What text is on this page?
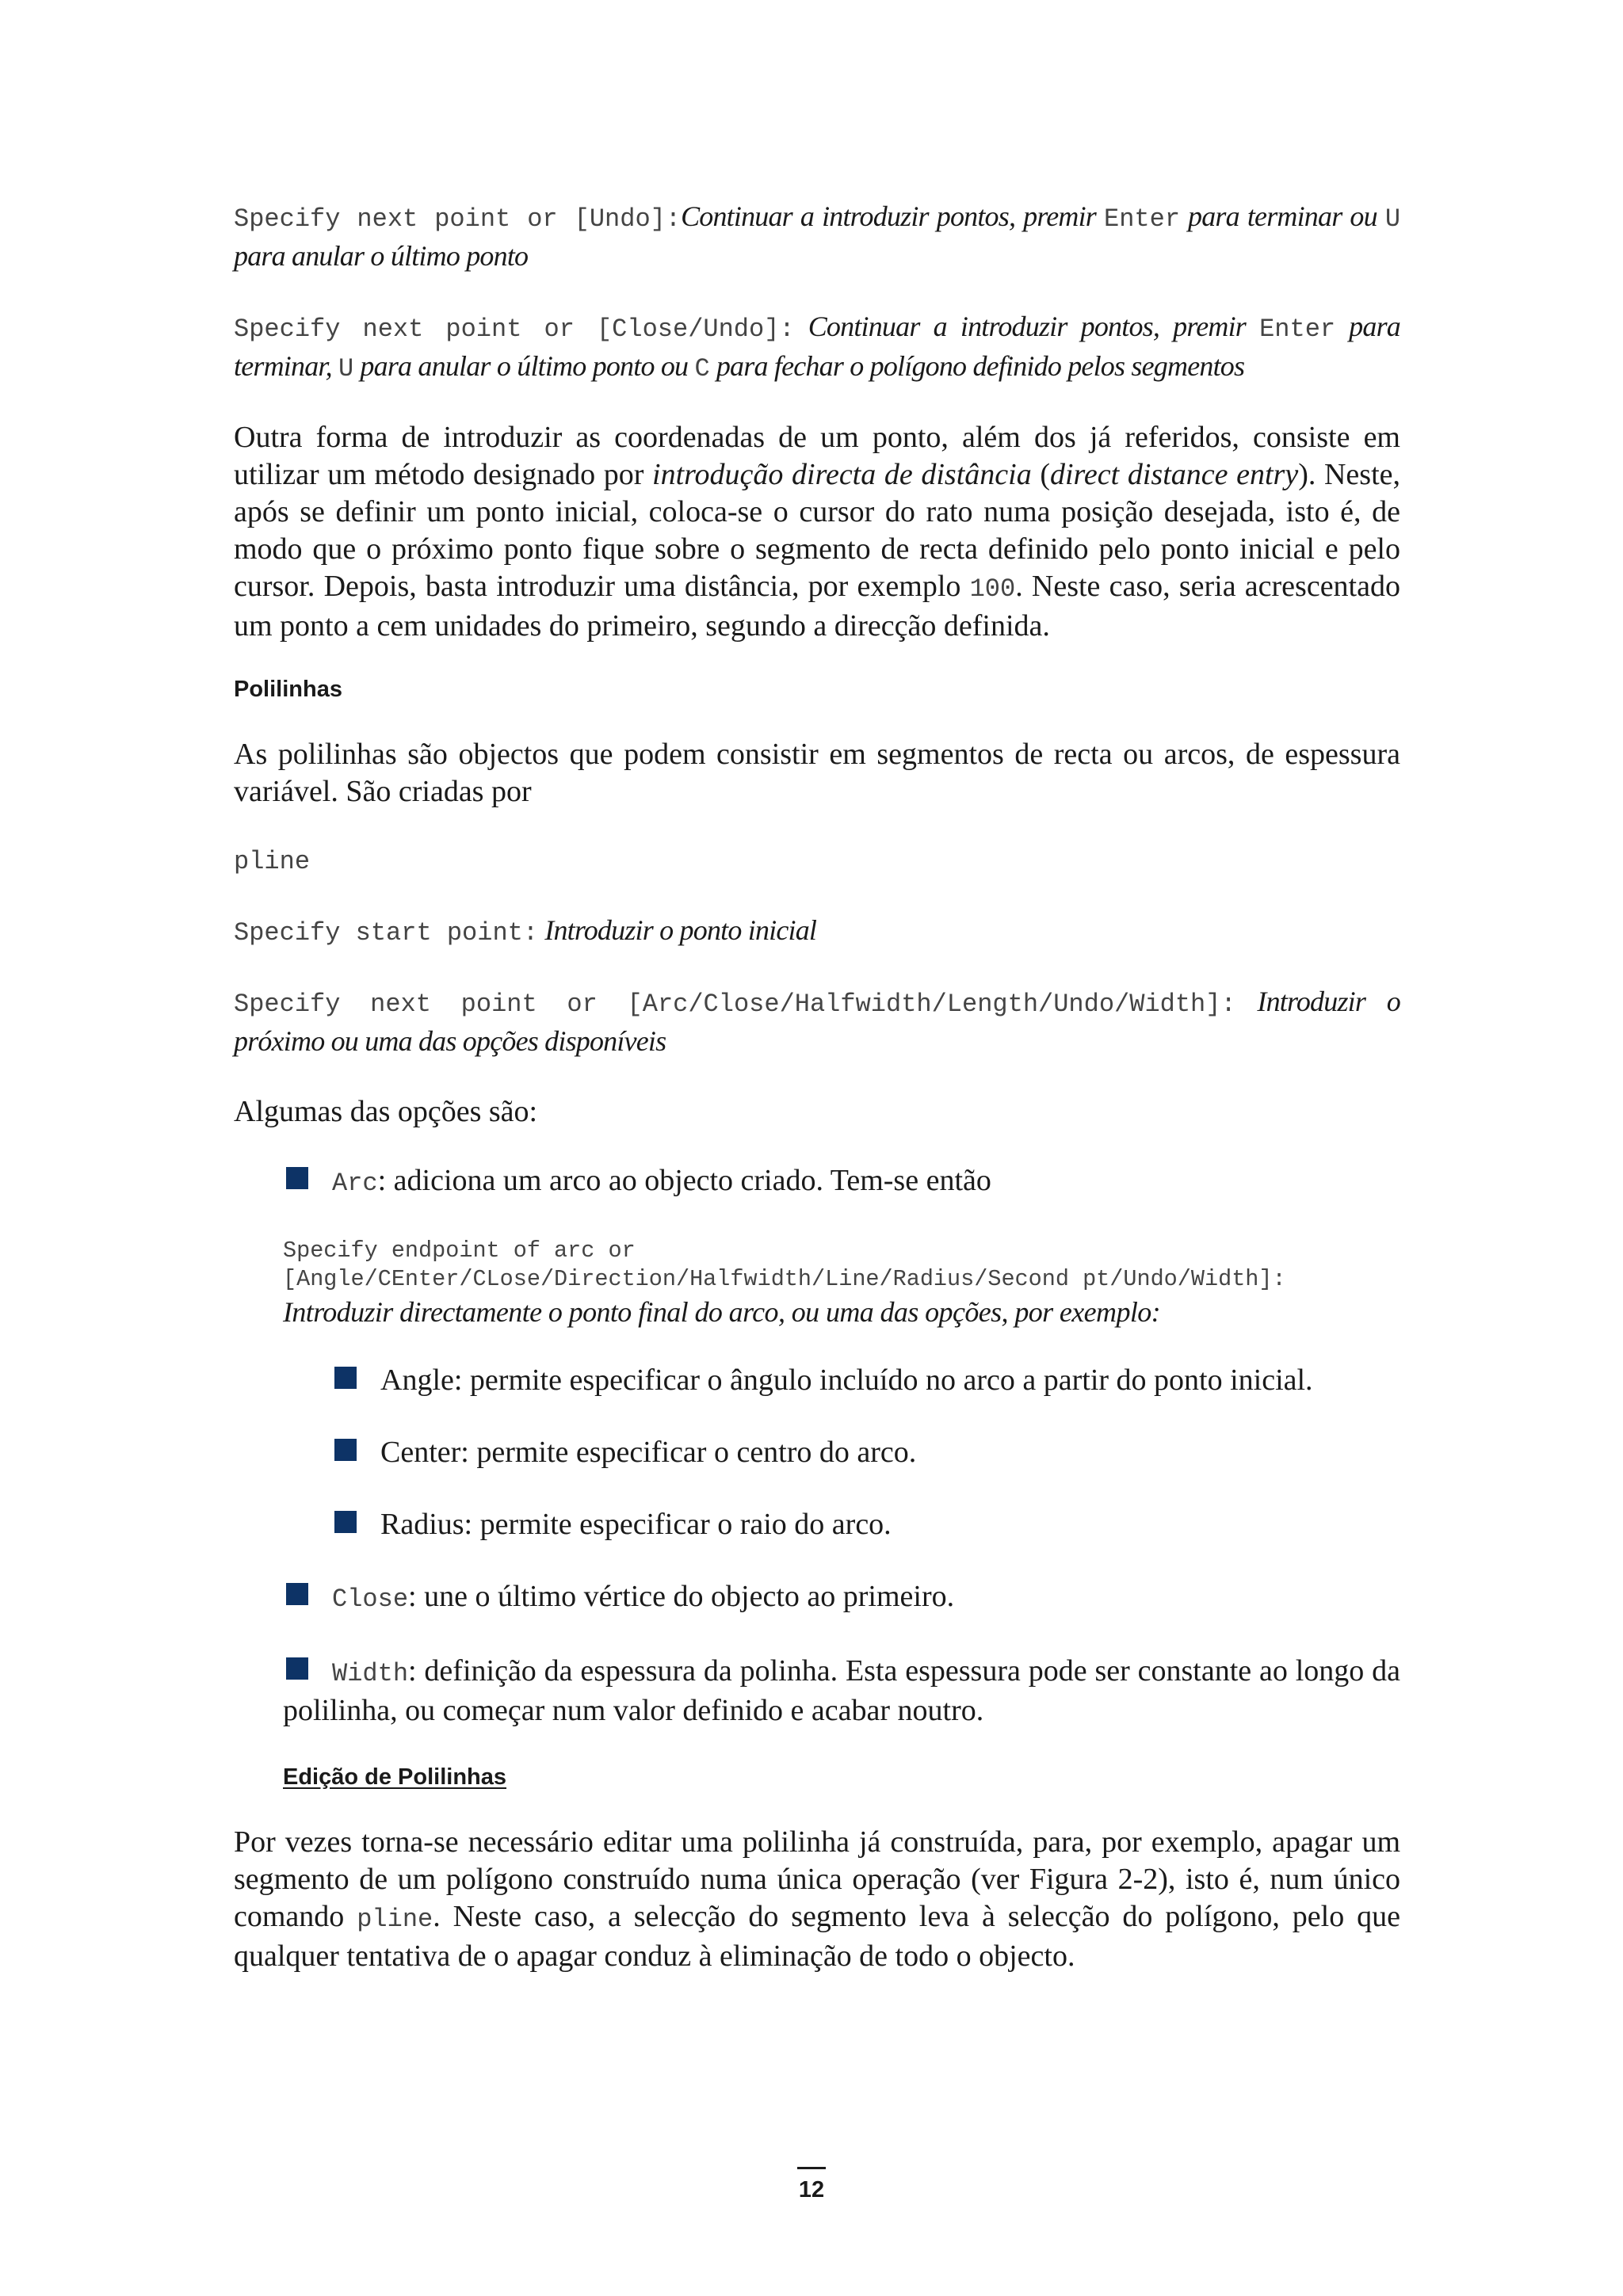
Specify next point or [Undo]:Continuar a introduzir pontos, premir Enter para terminar ou U para anular o último ponto
Specify next point or [Close/Undo]: Continuar a introduzir pontos, premir Enter para terminar, U para anular o último ponto ou C para fechar o polígono definido pelos segmentos

Outra forma de introduzir as coordenadas de um ponto, além dos já referidos, consiste em utilizar um método designado por introdução directa de distância (direct distance entry). Neste, após se definir um ponto inicial, coloca-se o cursor do rato numa posição desejada, isto é, de modo que o próximo ponto fique sobre o segmento de recta definido pelo ponto inicial e pelo cursor. Depois, basta introduzir uma distância, por exemplo 100. Neste caso, seria acrescentado um ponto a cem unidades do primeiro, segundo a direcção definida.

Polilinhas

As polilinhas são objectos que podem consistir em segmentos de recta ou arcos, de espessura variável. São criadas por

pline
Specify start point: Introduzir o ponto inicial
Specify next point or [Arc/Close/Halfwidth/Length/Undo/Width]: Introduzir o próximo ou uma das opções disponíveis

Algumas das opções são:

Arc: adiciona um arco ao objecto criado. Tem-se então
Specify endpoint of arc or
[Angle/CEnter/CLose/Direction/Halfwidth/Line/Radius/Second pt/Undo/Width]:
Introduzir directamente o ponto final do arco, ou uma das opções, por exemplo:
Angle: permite especificar o ângulo incluído no arco a partir do ponto inicial.
Center: permite especificar o centro do arco.
Radius: permite especificar o raio do arco.
Close: une o último vértice do objecto ao primeiro.
Width: definição da espessura da polinha. Esta espessura pode ser constante ao longo da polilinha, ou começar num valor definido e acabar noutro.
Edição de Polilinhas

Por vezes torna-se necessário editar uma polilinha já construída, para, por exemplo, apagar um segmento de um polígono construído numa única operação (ver Figura 2-2), isto é, num único comando pline. Neste caso, a selecção do segmento leva à selecção do polígono, pelo que qualquer tentativa de o apagar conduz à eliminação de todo o objecto.

12
